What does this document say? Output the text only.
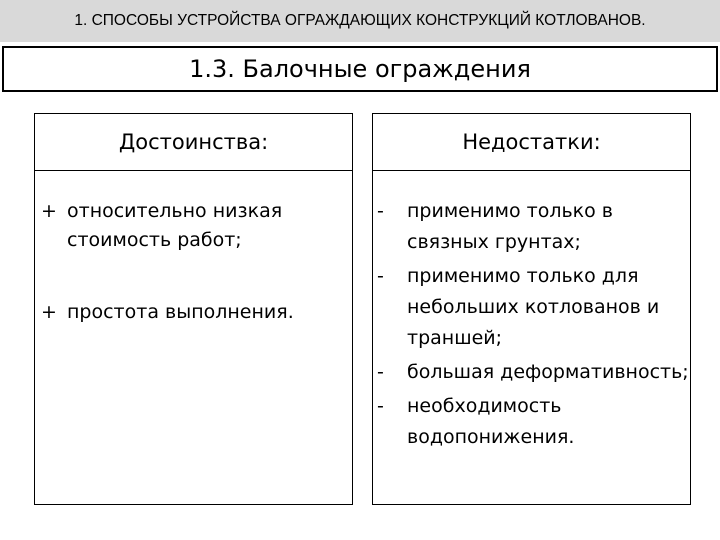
1. СПОСОБЫ УСТРОЙСТВА ОГРАЖДАЮЩИХ КОНСТРУКЦИЙ КОТЛОВАНОВ.
1.3. Балочные ограждения
Достоинства:
+ относительно низкая стоимость работ;
+ простота выполнения.
Недостатки:
- применимо только в связных грунтах;
- применимо только для небольших котлованов и траншей;
- большая деформативность;
- необходимость водопонижения.
